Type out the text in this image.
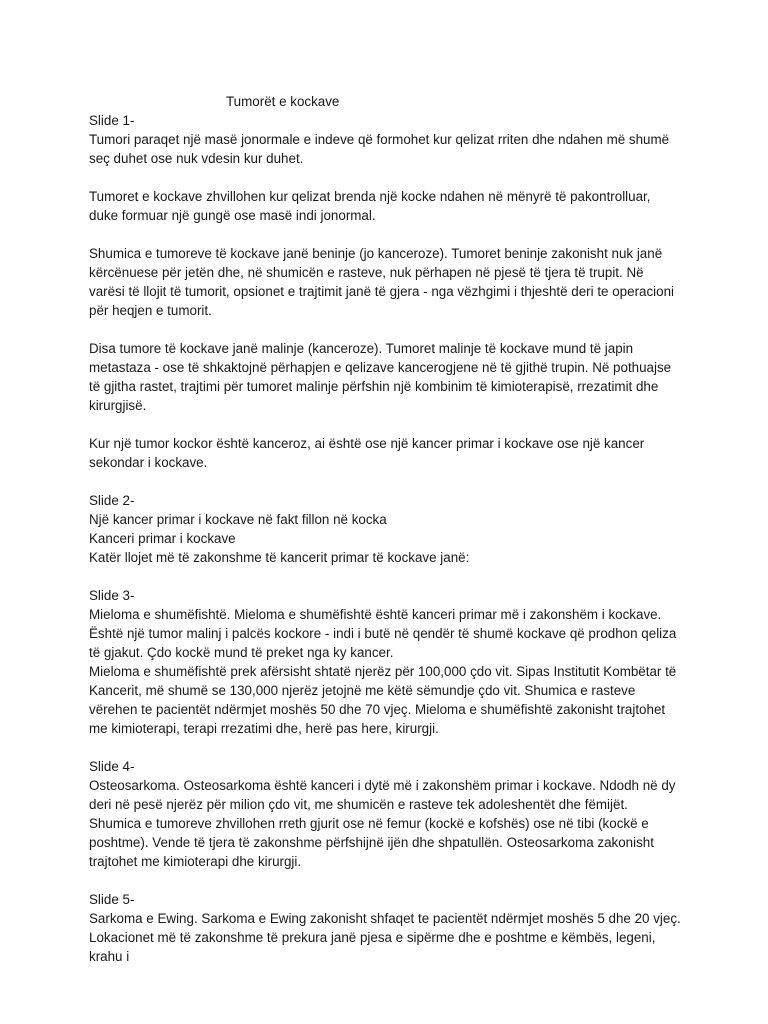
Tumorët e kockave

Slide 1-

Tumori paraqet një masë jonormale e indeve që formohet kur qelizat rriten dhe ndahen më shumë seç duhet ose nuk vdesin kur duhet.

Tumoret e kockave zhvillohen kur qelizat brenda një kocke ndahen në mënyrë të pakontrolluar, duke formuar një gungë ose masë indi jonormal.

Shumica e tumoreve të kockave janë beninje (jo kanceroze). Tumoret beninje zakonisht nuk janë kërcënuese për jetën dhe, në shumicën e rasteve, nuk përhapen në pjesë të tjera të trupit. Në varësi të llojit të tumorit, opsionet e trajtimit janë të gjera - nga vëzhgimi i thjeshtë deri te operacioni për heqjen e tumorit.

Disa tumore të kockave janë malinje (kanceroze). Tumoret malinje të kockave mund të japin metastaza - ose të shkaktojnë përhapjen e qelizave kancerogjene në të gjithë trupin. Në pothuajse të gjitha rastet, trajtimi për tumoret malinje përfshin një kombinim të kimioterapisë, rrezatimit dhe kirurgjisë.

Kur një tumor kockor është kanceroz, ai është ose një kancer primar i kockave ose një kancer sekondar i kockave.

Slide 2-

Një kancer primar i kockave në fakt fillon në kocka

Kanceri primar i kockave

Katër llojet më të zakonshme të kancerit primar të kockave janë:

Slide 3-

Mieloma e shumëfishtë. Mieloma e shumëfishtë është kanceri primar më i zakonshëm i kockave. Është një tumor malinj i palcës kockore - indi i butë në qendër të shumë kockave që prodhon qeliza të gjakut. Çdo kockë mund të preket nga ky kancer.

Mieloma e shumëfishtë prek afërsisht shtatë njerëz për 100,000 çdo vit. Sipas Institutit Kombëtar të Kancerit, më shumë se 130,000 njerëz jetojnë me këtë sëmundje çdo vit. Shumica e rasteve vërehen te pacientët ndërmjet moshës 50 dhe 70 vjeç. Mieloma e shumëfishtë zakonisht trajtohet me kimioterapi, terapi rrezatimi dhe, herë pas here, kirurgji.

Slide 4-

Osteosarkoma. Osteosarkoma është kanceri i dytë më i zakonshëm primar i kockave. Ndodh në dy deri në pesë njerëz për milion çdo vit, me shumicën e rasteve tek adoleshentët dhe fëmijët. Shumica e tumoreve zhvillohen rreth gjurit ose në femur (kockë e kofshës) ose në tibi (kockë e poshtme). Vende të tjera të zakonshme përfshijnë ijën dhe shpatullën. Osteosarkoma zakonisht trajtohet me kimioterapi dhe kirurgji.

Slide 5-

Sarkoma e Ewing. Sarkoma e Ewing zakonisht shfaqet te pacientët ndërmjet moshës 5 dhe 20 vjeç. Lokacionet më të zakonshme të prekura janë pjesa e sipërme dhe e poshtme e këmbës, legeni, krahu i
